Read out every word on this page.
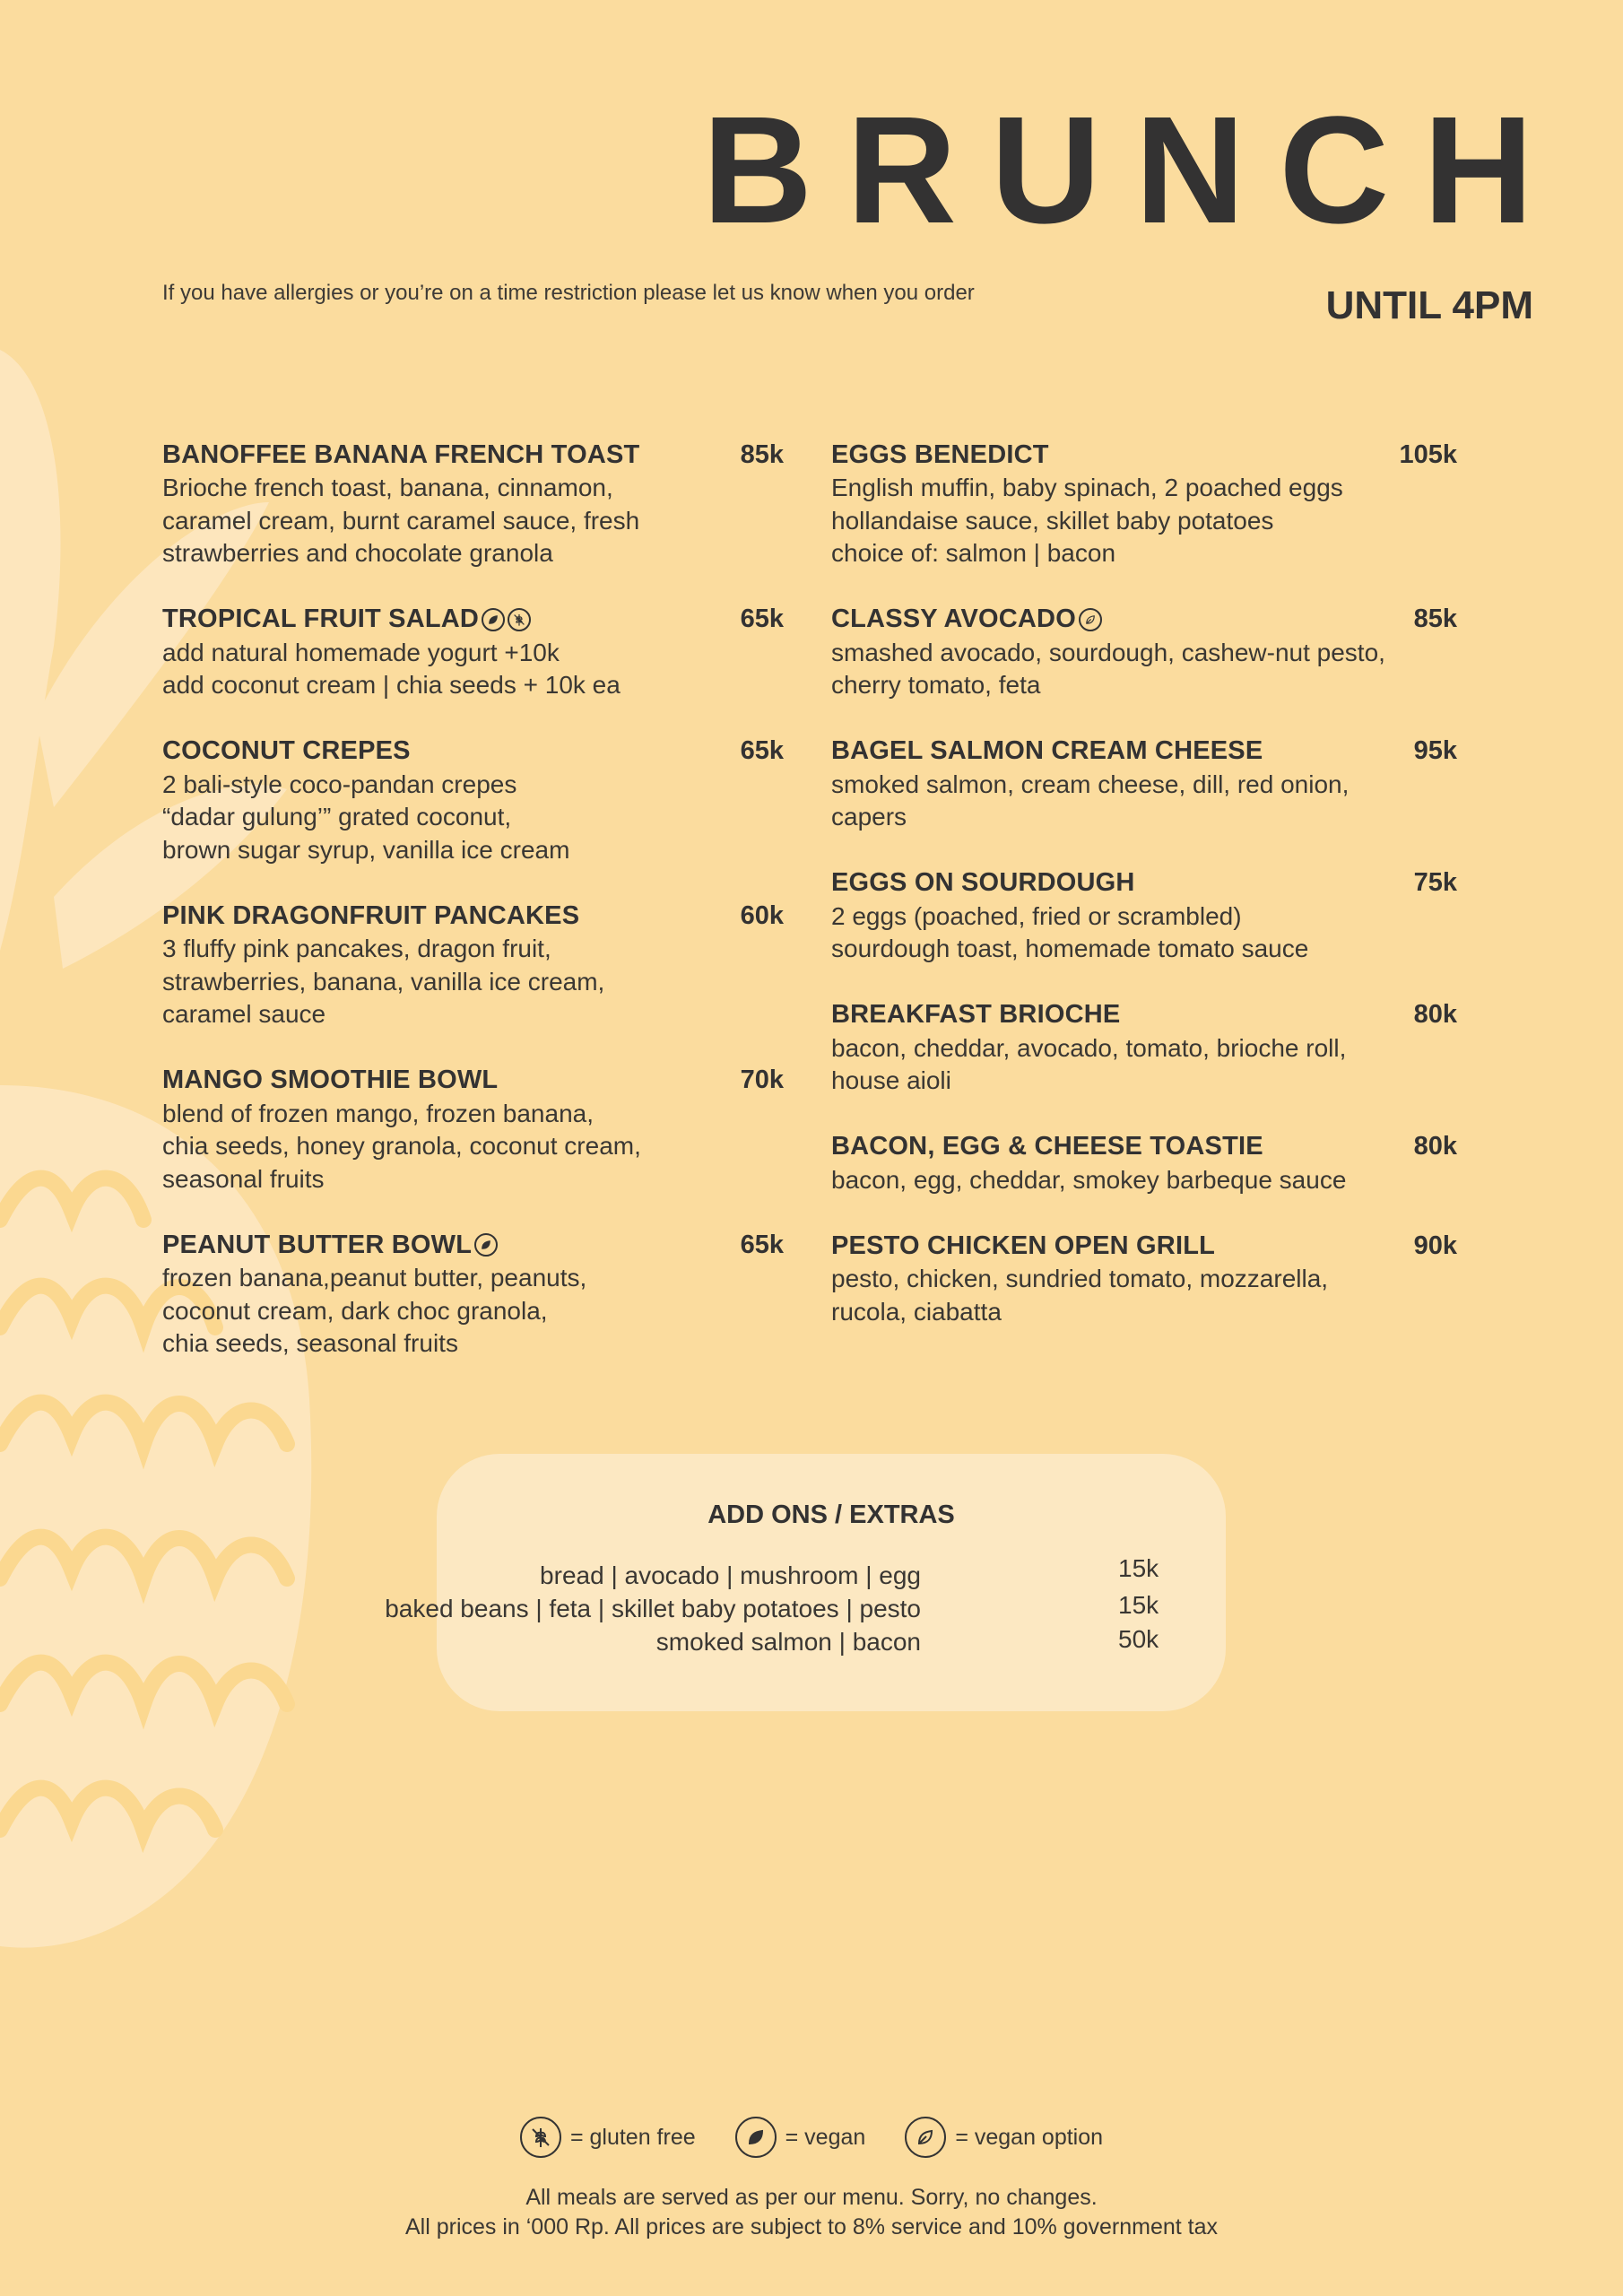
BRUNCH
If you have allergies or you’re on a time restriction please let us know when you order	UNTIL 4PM
BANOFFEE BANANA FRENCH TOAST	85k
Brioche french toast, banana, cinnamon,
caramel cream, burnt caramel sauce, fresh
strawberries and chocolate granola
TROPICAL FRUIT SALAD	65k
add natural homemade yogurt +10k
add coconut cream | chia seeds + 10k ea
COCONUT CREPES	65k
2 bali-style coco-pandan crepes
“dadar gulung’” grated coconut,
brown sugar syrup, vanilla ice cream
PINK DRAGONFRUIT PANCAKES	60k
3 fluffy pink pancakes, dragon fruit,
strawberries, banana, vanilla ice cream,
caramel sauce
MANGO SMOOTHIE BOWL	70k
blend of frozen mango, frozen banana,
chia seeds, honey granola, coconut cream,
seasonal fruits
PEANUT BUTTER BOWL	65k
frozen banana,peanut butter, peanuts,
coconut cream, dark choc granola,
chia seeds, seasonal fruits
EGGS BENEDICT	105k
English muffin, baby spinach, 2 poached eggs
hollandaise sauce, skillet baby potatoes
choice of: salmon | bacon
CLASSY AVOCADO	85k
smashed avocado, sourdough, cashew-nut pesto,
cherry tomato, feta
BAGEL SALMON CREAM CHEESE	95k
smoked salmon, cream cheese, dill, red onion,
capers
EGGS ON SOURDOUGH	75k
2 eggs (poached, fried or scrambled)
sourdough toast, homemade tomato sauce
BREAKFAST BRIOCHE	80k
bacon, cheddar, avocado, tomato, brioche roll,
house aioli
BACON, EGG & CHEESE TOASTIE	80k
bacon, egg, cheddar, smokey barbeque sauce
PESTO CHICKEN OPEN GRILL	90k
pesto, chicken, sundried tomato, mozzarella,
rucola, ciabatta
ADD ONS / EXTRAS
bread | avocado | mushroom | egg	15k
baked beans | feta | skillet baby potatoes | pesto	15k
smoked salmon | bacon	50k
= gluten free	= vegan	= vegan option
All meals are served as per our menu. Sorry, no changes.
All prices in ‘000 Rp. All prices are subject to 8% service and 10% government tax
